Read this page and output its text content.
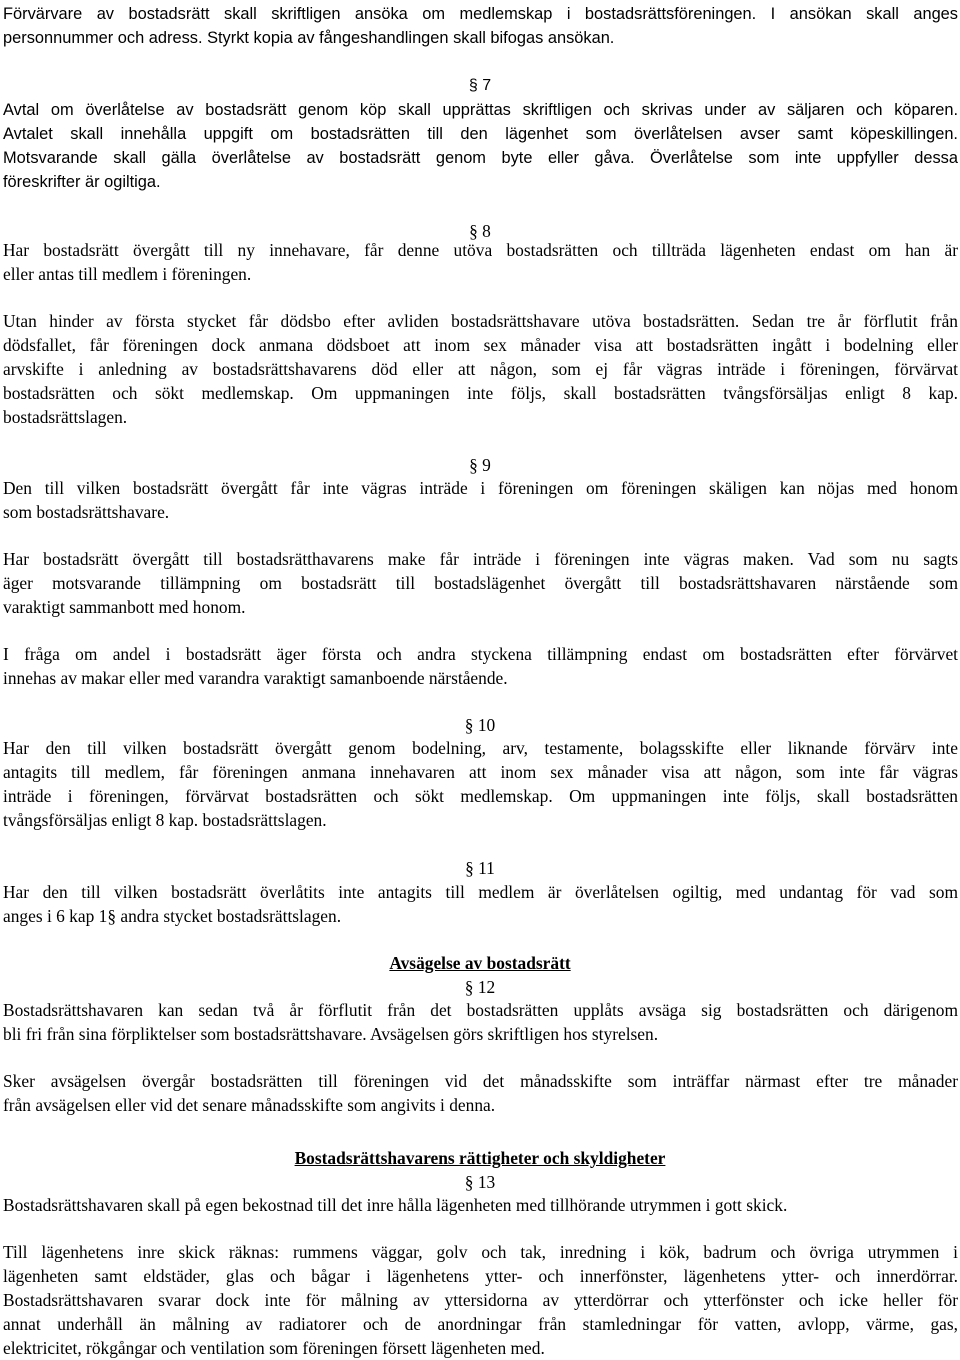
Förvärvare av bostadsrätt skall skriftligen ansöka om medlemskap i bostadsrättsföreningen. I ansökan skall anges
personnummer och adress. Styrkt kopia av fångeshandlingen skall bifogas ansökan.
§ 7
Avtal om överlåtelse av bostadsrätt genom köp skall upprättas skriftligen och skrivas under av säljaren och köparen.
Avtalet skall innehålla uppgift om bostadsrätten till den lägenhet som överlåtelsen avser samt köpeskillingen.
Motsvarande skall gälla överlåtelse av bostadsrätt genom byte eller gåva. Överlåtelse som inte uppfyller dessa
föreskrifter är ogiltiga.
§ 8
Har bostadsrätt övergått till ny innehavare, får denne utöva bostadsrätten och tillträda lägenheten endast om han är
eller antas till medlem i föreningen.
Utan hinder av första stycket får dödsbo efter avliden bostadsrättshavare utöva bostadsrätten. Sedan tre år förflutit från
dödsfallet, får föreningen dock anmana dödsboet att inom sex månader visa att bostadsrätten ingått i bodelning eller
arvskifte i anledning av bostadsrättshavarens död eller att någon, som ej får vägras inträde i föreningen, förvärvat
bostadsrätten och sökt medlemskap. Om uppmaningen inte följs, skall bostadsrätten tvångsförsäljas enligt 8 kap.
bostadsrättslagen.
§ 9
Den till vilken bostadsrätt övergått får inte vägras inträde i föreningen om föreningen skäligen kan nöjas med honom
som bostadsrättshavare.
Har bostadsrätt övergått till bostadsrätthavarens make får inträde i föreningen inte vägras maken. Vad som nu sagts
äger motsvarande tillämpning om bostadsrätt till bostadslägenhet övergått till bostadsrättshavaren närstående som
varaktigt sammanbott med honom.
I fråga om andel i bostadsrätt äger första och andra styckena tillämpning endast om bostadsrätten efter förvärvet
innehas av makar eller med varandra varaktigt samanboende närstående.
§ 10
Har den till vilken bostadsrätt övergått genom bodelning, arv, testamente, bolagsskifte eller liknande förvärv inte
antagits till medlem, får föreningen anmana innehavaren att inom sex månader visa att någon, som inte får vägras
inträde i föreningen, förvärvat bostadsrätten och sökt medlemskap. Om uppmaningen inte följs, skall bostadsrätten
tvångsförsäljas enligt 8 kap. bostadsrättslagen.
§ 11
Har den till vilken bostadsrätt överlåtits inte antagits till medlem är överlåtelsen ogiltig, med undantag för vad som
anges i 6 kap 1§ andra stycket bostadsrättslagen.
Avsägelse av bostadsrätt
§ 12
Bostadsrättshavaren kan sedan två år förflutit från det bostadsrätten upplåts avsäga sig bostadsrätten och därigenom
bli fri från sina förpliktelser som bostadsrättshavare. Avsägelsen görs skriftligen hos styrelsen.
Sker avsägelsen övergår bostadsrätten till föreningen vid det månadsskifte som inträffar närmast efter tre månader
från avsägelsen eller vid det senare månadsskifte som angivits i denna.
Bostadsrättshavarens rättigheter och skyldigheter
§ 13
Bostadsrättshavaren skall på egen bekostnad till det inre hålla lägenheten med tillhörande utrymmen i gott skick.
Till lägenhetens inre skick räknas: rummens väggar, golv och tak, inredning i kök, badrum och övriga utrymmen i
lägenheten samt eldstäder, glas och bågar i lägenhetens ytter- och innerfönster, lägenhetens ytter- och innerdörrar.
Bostadsrättshavaren svarar dock inte för målning av yttersidorna av ytterdörrar och ytterfönster och icke heller för
annat underhåll än målning av radiatorer och de anordningar från stamledningar för vatten, avlopp, värme, gas,
elektricitet, rökgångar och ventilation som föreningen försett lägenheten med.
